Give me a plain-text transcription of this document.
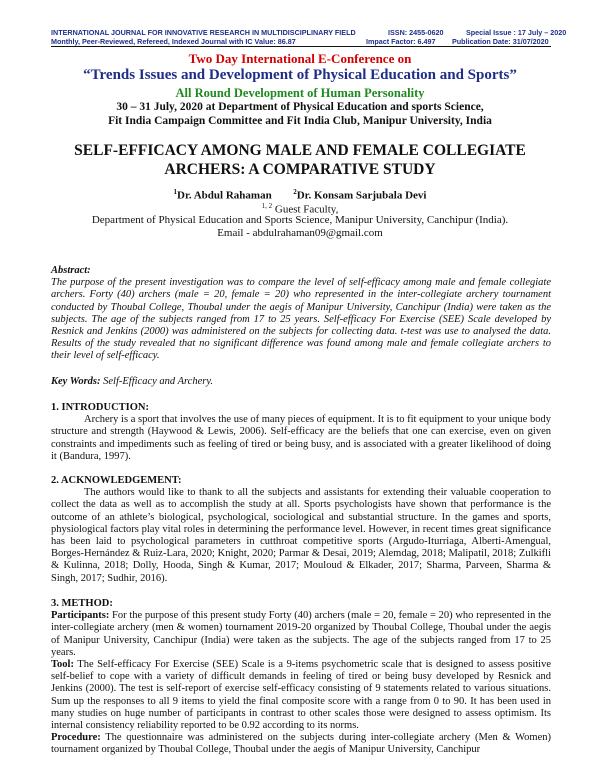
INTERNATIONAL JOURNAL FOR INNOVATIVE RESEARCH IN MULTIDISCIPLINARY FIELD	ISSN: 2455-0620	Special Issue : 17 July – 2020
Monthly, Peer-Reviewed, Refereed, Indexed Journal with IC Value: 86.87	Impact Factor: 6.497 Publication Date: 31/07/2020
Two Day International E-Conference on
“Trends Issues and Development of Physical Education and Sports”
All Round Development of Human Personality
30 – 31 July, 2020 at Department of Physical Education and sports Science,
Fit India Campaign Committee and Fit India Club, Manipur University, India
SELF-EFFICACY AMONG MALE AND FEMALE COLLEGIATE
ARCHERS: A COMPARATIVE STUDY
$^1$Dr. Abdul Rahaman	$^2$Dr. Konsam Sarjubala Devi
$^{1, 2}$ Guest Faculty,
Department of Physical Education and Sports Science, Manipur University, Canchipur (India).
Email - abdulrahaman09@gmail.com

Abstract:

The purpose of the present investigation was to compare the level of self-efficacy among male and female collegiate archers. Forty (40) archers (male = 20, female = 20) who represented in the inter-collegiate archery tournament conducted by Thoubal College, Thoubal under the aegis of Manipur University, Canchipur (India) were taken as the subjects. The age of the subjects ranged from 17 to 25 years. Self-efficacy For Exercise (SEE) Scale developed by Resnick and Jenkins (2000) was administered on the subjects for collecting data. t-test was use to analysed the data. Results of the study revealed that no significant difference was found among male and female collegiate archers to their level of self-efficacy.

Key Words: Self-Efficacy and Archery.

1. INTRODUCTION:

Archery is a sport that involves the use of many pieces of equipment. It is to fit equipment to your unique body structure and strength (Haywood & Lewis, 2006). Self-efficacy are the beliefs that one can exercise, even on given constraints and impediments such as feeling of tired or being busy, and is associated with a greater likelihood of doing it (Bandura, 1997).

2. ACKNOWLEDGEMENT:

The authors would like to thank to all the subjects and assistants for extending their valuable cooperation to collect the data as well as to accomplish the study at all. Sports psychologists have shown that performance is the outcome of an athlete’s biological, psychological, sociological and substantial structure. In the games and sports, physiological factors play vital roles in determining the performance level. However, in recent times great significance has been laid to psychological parameters in cutthroat competitive sports (Argudo-Iturriaga, Alberti-Amengual, Borges-Hernández & Ruiz-Lara, 2020; Knight, 2020; Parmar & Desai, 2019; Alemdag, 2018; Malipatil, 2018; Zulkifli & Kulinna, 2018; Dolly, Hooda, Singh & Kumar, 2017; Mouloud & Elkader, 2017; Sharma, Parveen, Sharma & Singh, 2017; Sudhir, 2016).

3. METHOD:

Participants: For the purpose of this present study Forty (40) archers (male = 20, female = 20) who represented in the inter-collegiate archery (men & women) tournament 2019-20 organized by Thoubal College, Thoubal under the aegis of Manipur University, Canchipur (India) were taken as the subjects. The age of the subjects ranged from 17 to 25 years.

Tool: The Self-efficacy For Exercise (SEE) Scale is a 9-items psychometric scale that is designed to assess positive self-belief to cope with a variety of difficult demands in feeling of tired or being busy developed by Resnick and Jenkins (2000). The test is self-report of exercise self-efficacy consisting of 9 statements related to various situations. Sum up the responses to all 9 items to yield the final composite score with a range from 0 to 90. It has been used in many studies on huge number of participants in contrast to other scales those were designed to assess optimism. Its internal consistency reliability reported to be 0.92 according to its norms.

Procedure: The questionnaire was administered on the subjects during inter-collegiate archery (Men & Women) tournament organized by Thoubal College, Thoubal under the aegis of Manipur University, Canchipur
